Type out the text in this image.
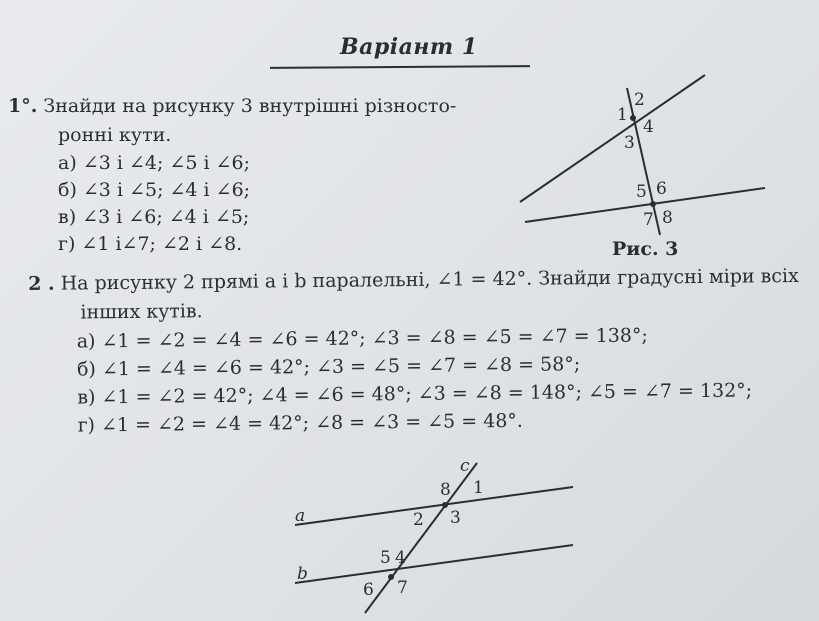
Варіант 1
1°. Знайди на рисунку 3 внутрішні різносто-
ронні кути.
а) ∠3 і ∠4; ∠5 і ∠6;
б) ∠3 і ∠5; ∠4 і ∠6;
в) ∠3 і ∠6; ∠4 і ∠5;
г) ∠1 і∠7; ∠2 і ∠8.
1
2
3
4
5 6
7 8
Рис. 3
2 . На рисунку 2 прямі a і b паралельні, ∠1 = 42°. Знайди градусні міри всіх
інших кутів.
а) ∠1 = ∠2 = ∠4 = ∠6 = 42°; ∠3 = ∠8 = ∠5 = ∠7 = 138°;
б) ∠1 = ∠4 = ∠6 = 42°; ∠3 = ∠5 = ∠7 = ∠8 = 58°;
в) ∠1 = ∠2 = 42°; ∠4 = ∠6 = 48°; ∠3 = ∠8 = 148°; ∠5 = ∠7 = 132°;
г) ∠1 = ∠2 = ∠4 = 42°; ∠8 = ∠3 = ∠5 = 48°.
a
b
c
1
2 3
4
5
6 7
8
